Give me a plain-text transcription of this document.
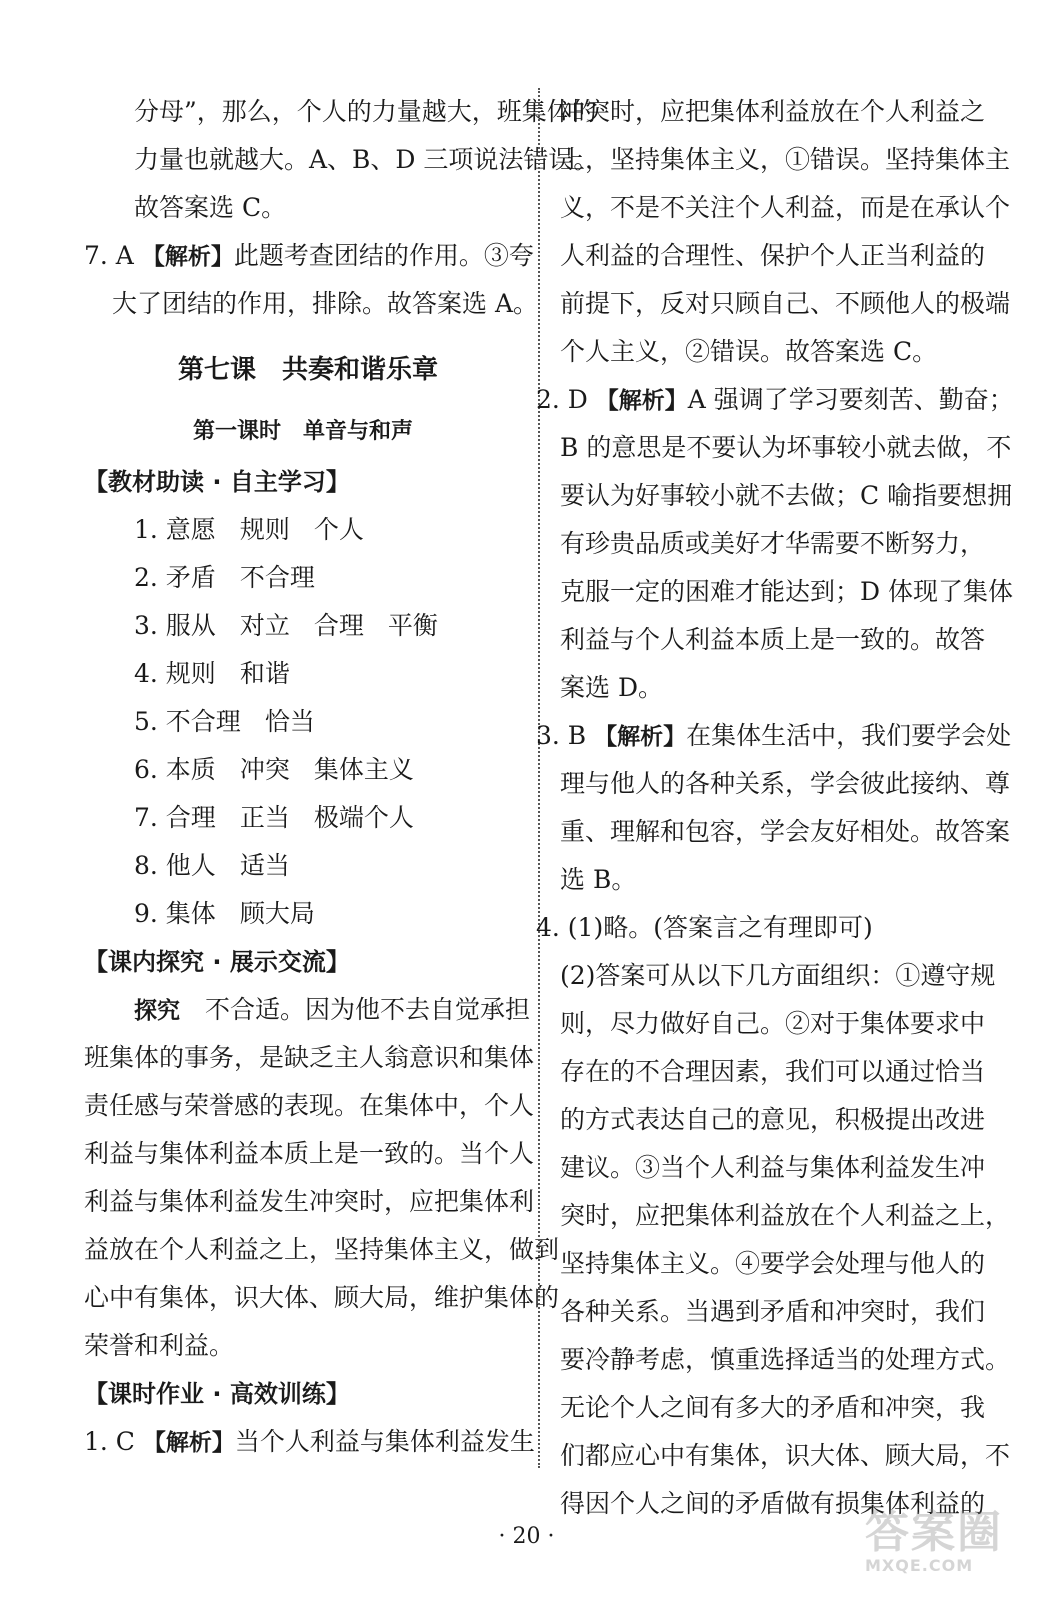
分母”，那么，个人的力量越大，班集体的
力量也就越大。A、B、D 三项说法错误。
故答案选 C。
7. A 【解析】此题考查团结的作用。③夸
大了团结的作用，排除。故答案选 A。
第七课　共奏和谐乐章
第一课时　单音与和声
【教材助读 · 自主学习】
1. 意愿 规则 个人
2. 矛盾 不合理
3. 服从 对立 合理 平衡
4. 规则 和谐
5. 不合理 恰当
6. 本质 冲突 集体主义
7. 合理 正当 极端个人
8. 他人 适当
9. 集体 顾大局
【课内探究 · 展示交流】
探究　不合适。因为他不去自觉承担
班集体的事务，是缺乏主人翁意识和集体
责任感与荣誉感的表现。在集体中，个人
利益与集体利益本质上是一致的。当个人
利益与集体利益发生冲突时，应把集体利
益放在个人利益之上，坚持集体主义，做到
心中有集体，识大体、顾大局，维护集体的
荣誉和利益。
【课时作业 · 高效训练】
1. C 【解析】当个人利益与集体利益发生
冲突时，应把集体利益放在个人利益之
上，坚持集体主义，①错误。坚持集体主
义，不是不关注个人利益，而是在承认个
人利益的合理性、保护个人正当利益的
前提下，反对只顾自己、不顾他人的极端
个人主义，②错误。故答案选 C。
2. D 【解析】A 强调了学习要刻苦、勤奋；
B 的意思是不要认为坏事较小就去做，不
要认为好事较小就不去做；C 喻指要想拥
有珍贵品质或美好才华需要不断努力，
克服一定的困难才能达到；D 体现了集体
利益与个人利益本质上是一致的。故答
案选 D。
3. B 【解析】在集体生活中，我们要学会处
理与他人的各种关系，学会彼此接纳、尊
重、理解和包容，学会友好相处。故答案
选 B。
4. (1)略。(答案言之有理即可)
(2)答案可从以下几方面组织：①遵守规
则，尽力做好自己。②对于集体要求中
存在的不合理因素，我们可以通过恰当
的方式表达自己的意见，积极提出改进
建议。③当个人利益与集体利益发生冲
突时，应把集体利益放在个人利益之上，
坚持集体主义。④要学会处理与他人的
各种关系。当遇到矛盾和冲突时，我们
要冷静考虑，慎重选择适当的处理方式。
无论个人之间有多大的矛盾和冲突，我
们都应心中有集体，识大体、顾大局，不
得因个人之间的矛盾做有损集体利益的
· 20 ·	答案圈
MXQE.COM
